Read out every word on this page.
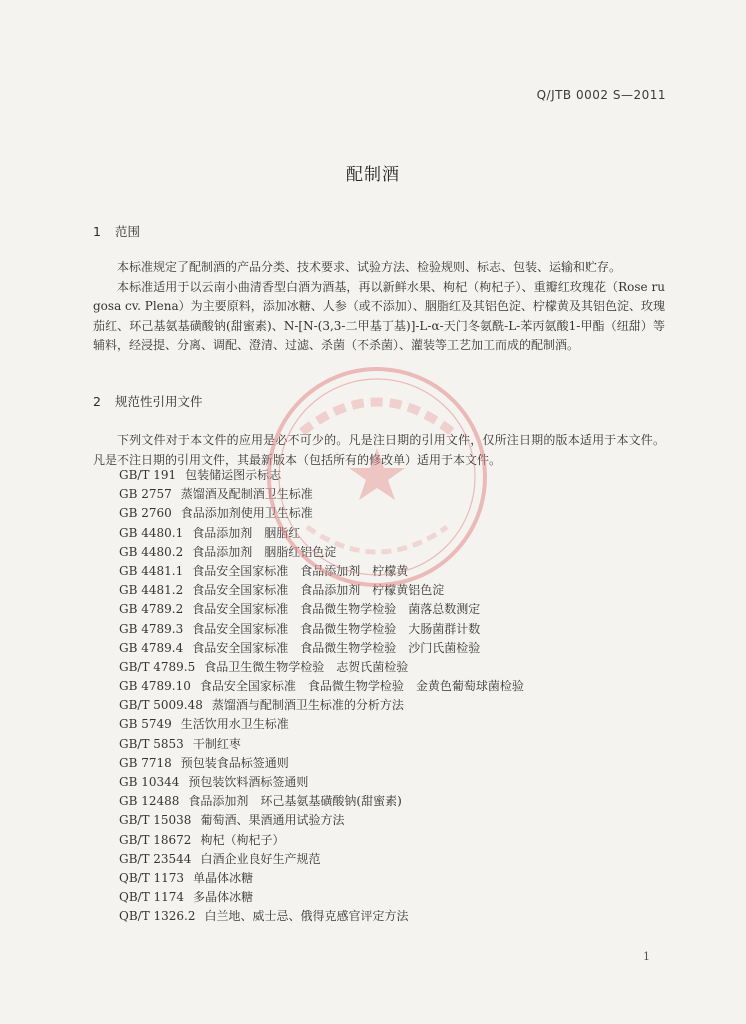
Q/JTB 0002 S—2011
配制酒
1 范围

本标准规定了配制酒的产品分类、技术要求、试验方法、检验规则、标志、包装、运输和贮存。

本标准适用于以云南小曲清香型白酒为酒基，再以新鲜水果、枸杞（枸杞子）、重瓣红玫瑰花（Rose rugosa cv. Plena）为主要原料，添加冰糖、人参（或不添加）、胭脂红及其铝色淀、柠檬黄及其铝色淀、玫瑰茄红、环己基氨基磺酸钠(甜蜜素)、N-[N-(3,3-二甲基丁基)]-L-α-天门冬氨酰-L-苯丙氨酸1-甲酯（纽甜）等辅料，经浸提、分离、调配、澄清、过滤、杀菌（不杀菌）、灌装等工艺加工而成的配制酒。

2 规范性引用文件

下列文件对于本文件的应用是必不可少的。凡是注日期的引用文件，仅所注日期的版本适用于本文件。凡是不注日期的引用文件，其最新版本（包括所有的修改单）适用于本文件。

GB/T 191 包装储运图示标志
GB 2757 蒸馏酒及配制酒卫生标准
GB 2760 食品添加剂使用卫生标准
GB 4480.1 食品添加剂　胭脂红
GB 4480.2 食品添加剂　胭脂红铝色淀
GB 4481.1 食品安全国家标准　食品添加剂　柠檬黄
GB 4481.2 食品安全国家标准　食品添加剂　柠檬黄铝色淀
GB 4789.2 食品安全国家标准　食品微生物学检验　菌落总数测定
GB 4789.3 食品安全国家标准　食品微生物学检验　大肠菌群计数
GB 4789.4 食品安全国家标准　食品微生物学检验　沙门氏菌检验
GB/T 4789.5 食品卫生微生物学检验　志贺氏菌检验
GB 4789.10 食品安全国家标准　食品微生物学检验　金黄色葡萄球菌检验
GB/T 5009.48 蒸馏酒与配制酒卫生标准的分析方法
GB 5749 生活饮用水卫生标准
GB/T 5853 干制红枣
GB 7718 预包装食品标签通则
GB 10344 预包装饮料酒标签通则
GB 12488 食品添加剂　环己基氨基磺酸钠(甜蜜素)
GB/T 15038 葡萄酒、果酒通用试验方法
GB/T 18672 枸杞（枸杞子）
GB/T 23544 白酒企业良好生产规范
QB/T 1173 单晶体冰糖
QB/T 1174 多晶体冰糖
QB/T 1326.2 白兰地、威士忌、俄得克感官评定方法
1
